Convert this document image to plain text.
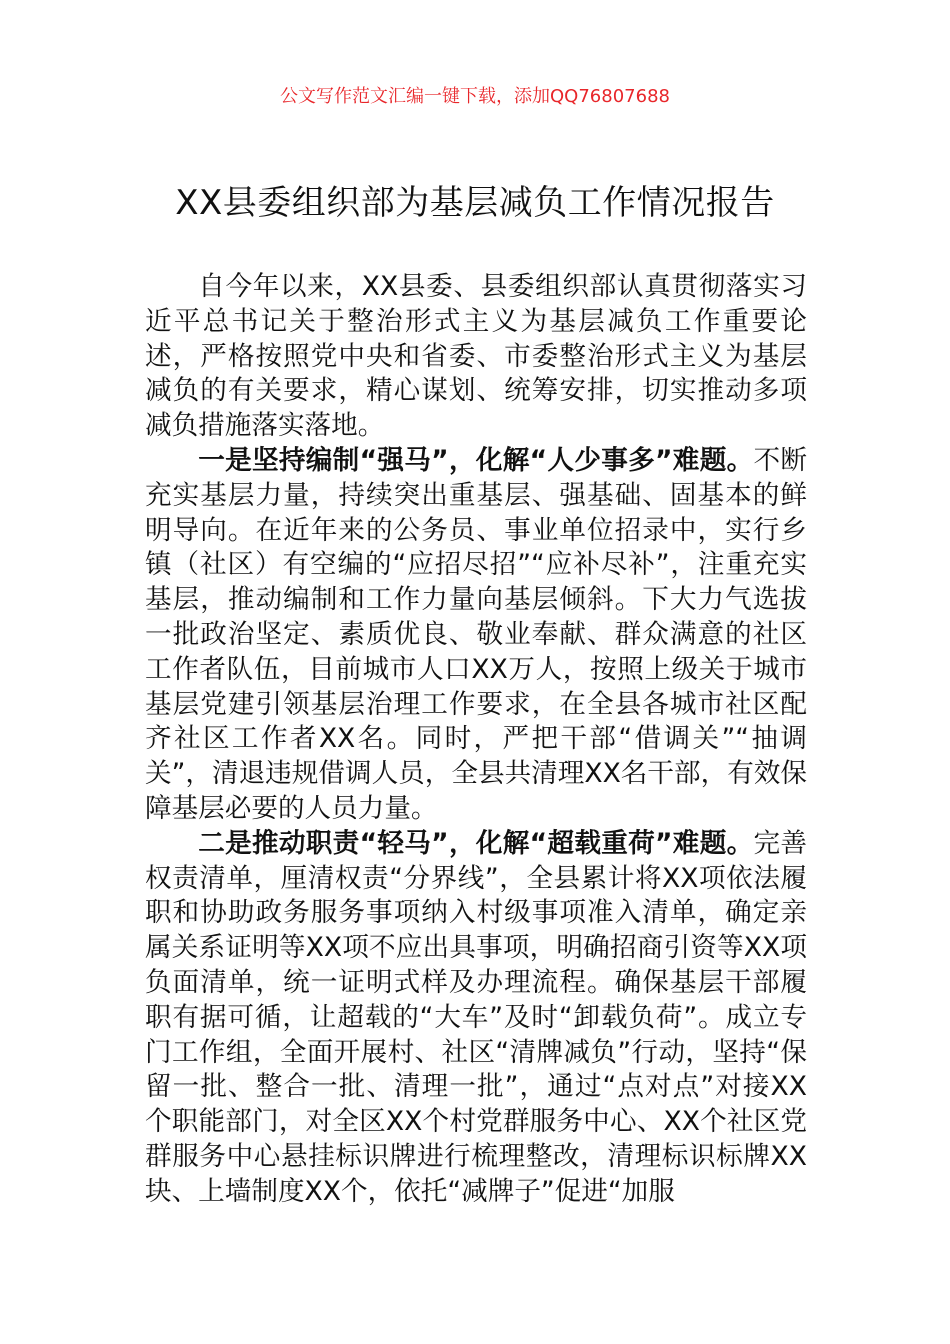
公文写作范文汇编一键下载，添加QQ76807688
XX县委组织部为基层减负工作情况报告

自今年以来，XX县委、县委组织部认真贯彻落实习近平总书记关于整治形式主义为基层减负工作重要论述，严格按照党中央和省委、市委整治形式主义为基层减负的有关要求，精心谋划、统筹安排，切实推动多项减负措施落实落地。

一是坚持编制“强马”，化解“人少事多”难题。不断充实基层力量，持续突出重基层、强基础、固基本的鲜明导向。在近年来的公务员、事业单位招录中，实行乡镇（社区）有空编的“应招尽招”“应补尽补”，注重充实基层，推动编制和工作力量向基层倾斜。下大力气选拔一批政治坚定、素质优良、敬业奉献、群众满意的社区工作者队伍，目前城市人口XX万人，按照上级关于城市基层党建引领基层治理工作要求，在全县各城市社区配齐社区工作者XX名。同时，严把干部“借调关”“抽调关”，清退违规借调人员，全县共清理XX名干部，有效保障基层必要的人员力量。

二是推动职责“轻马”，化解“超载重荷”难题。完善权责清单，厘清权责“分界线”，全县累计将XX项依法履职和协助政务服务事项纳入村级事项准入清单，确定亲属关系证明等XX项不应出具事项，明确招商引资等XX项负面清单，统一证明式样及办理流程。确保基层干部履职有据可循，让超载的“大车”及时“卸载负荷”。成立专门工作组，全面开展村、社区“清牌减负”行动，坚持“保留一批、整合一批、清理一批”，通过“点对点”对接XX个职能部门，对全区XX个村党群服务中心、XX个社区党群服务中心悬挂标识牌进行梳理整改，清理标识标牌XX块、上墙制度XX个，依托“减牌子”促进“加服
